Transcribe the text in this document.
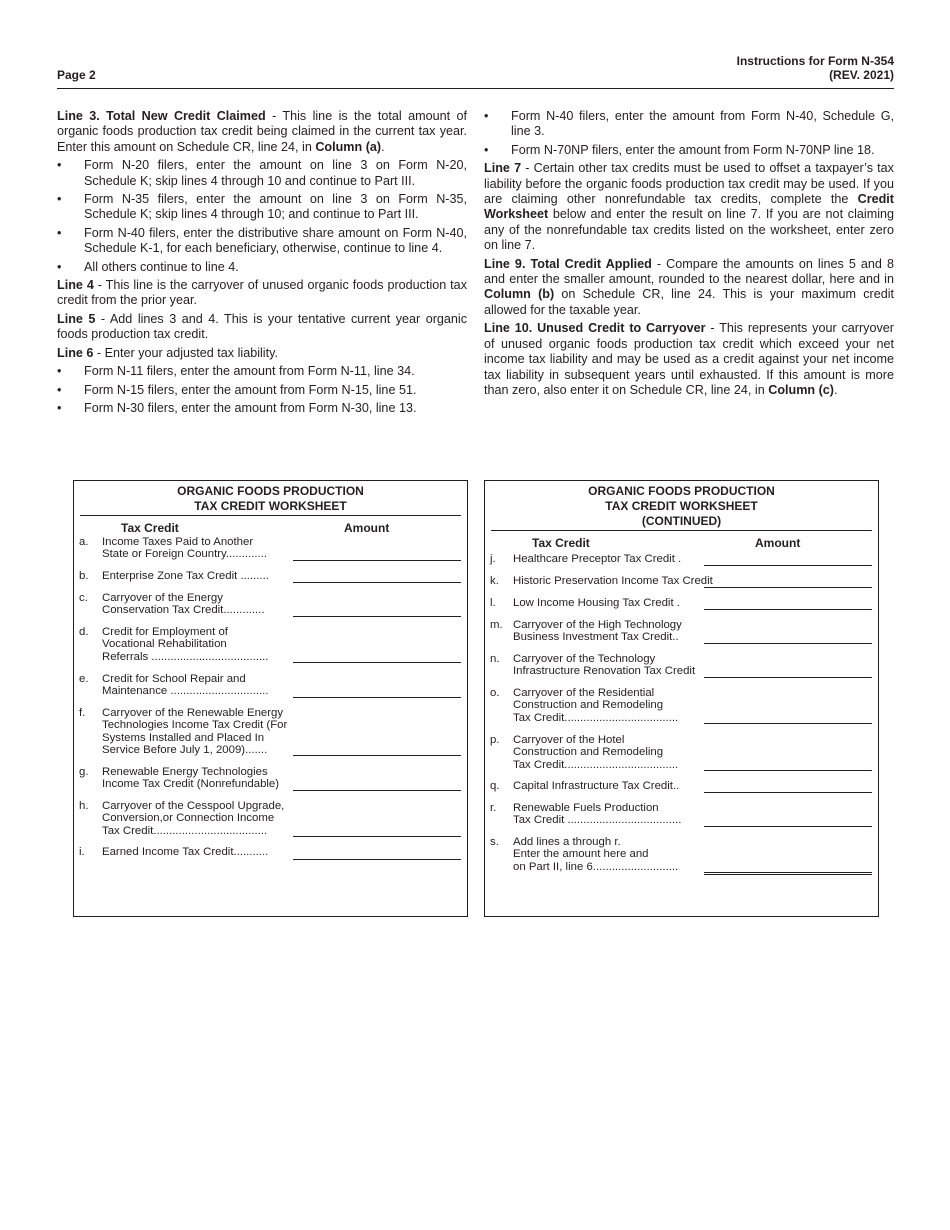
Page 2
Instructions for Form N-354
(REV. 2021)

Line 3. Total New Credit Claimed - This line is the total amount of organic foods production tax credit being claimed in the current tax year. Enter this amount on Schedule CR, line 24, in Column (a).

• Form N-20 filers, enter the amount on line 3 on Form N-20, Schedule K; skip lines 4 through 10 and continue to Part III.
• Form N-35 filers, enter the amount on line 3 on Form N-35, Schedule K; skip lines 4 through 10; and continue to Part III.
• Form N-40 filers, enter the distributive share amount on Form N-40, Schedule K-1, for each beneficiary, otherwise, continue to line 4.
• All others continue to line 4.

Line 4 - This line is the carryover of unused organic foods production tax credit from the prior year.

Line 5 - Add lines 3 and 4. This is your tentative current year organic foods production tax credit.

Line 6 - Enter your adjusted tax liability.

• Form N-11 filers, enter the amount from Form N-11, line 34.
• Form N-15 filers, enter the amount from Form N-15, line 51.
• Form N-30 filers, enter the amount from Form N-30, line 13.
• Form N-40 filers, enter the amount from Form N-40, Schedule G, line 3.
• Form N-70NP filers, enter the amount from Form N-70NP line 18.

Line 7 - Certain other tax credits must be used to offset a taxpayer’s tax liability before the organic foods production tax credit may be used. If you are claiming other nonrefundable tax credits, complete the Credit Worksheet below and enter the result on line 7. If you are not claiming any of the nonrefundable tax credits listed on the worksheet, enter zero on line 7.

Line 9. Total Credit Applied - Compare the amounts on lines 5 and 8 and enter the smaller amount, rounded to the nearest dollar, here and in Column (b) on Schedule CR, line 24. This is your maximum credit allowed for the taxable year.

Line 10. Unused Credit to Carryover - This represents your carryover of unused organic foods production tax credit which exceed your net income tax liability and may be used as a credit against your net income tax liability in subsequent years until exhausted. If this amount is more than zero, also enter it on Schedule CR, line 24, in Column (c).

ORGANIC FOODS PRODUCTION
TAX CREDIT WORKSHEET
Tax Credit	Amount
a. Income Taxes Paid to Another
State or Foreign Country.............
b. Enterprise Zone Tax Credit .........
c. Carryover of the Energy
Conservation Tax Credit.............
d. Credit for Employment of
Vocational Rehabilitation
Referrals .....................................
e. Credit for School Repair and
Maintenance ...............................
f. Carryover of the Renewable Energy
Technologies Income Tax Credit (For
Systems Installed and Placed In
Service Before July 1, 2009).......
g. Renewable Energy Technologies
Income Tax Credit (Nonrefundable)
h. Carryover of the Cesspool Upgrade,
Conversion,or Connection Income
Tax Credit....................................
i. Earned Income Tax Credit...........
ORGANIC FOODS PRODUCTION
TAX CREDIT WORKSHEET
(CONTINUED)
Tax Credit	Amount
j. Healthcare Preceptor Tax Credit .
k. Historic Preservation Income Tax Credit
l. Low Income Housing Tax Credit .
m. Carryover of the High Technology
Business Investment Tax Credit..
n. Carryover of the Technology
Infrastructure Renovation Tax Credit
o. Carryover of the Residential
Construction and Remodeling
Tax Credit....................................
p. Carryover of the Hotel
Construction and Remodeling
Tax Credit....................................
q. Capital Infrastructure Tax Credit..
r. Renewable Fuels Production
Tax Credit ....................................
s. Add lines a through r.
Enter the amount here and
on Part II, line 6...........................
